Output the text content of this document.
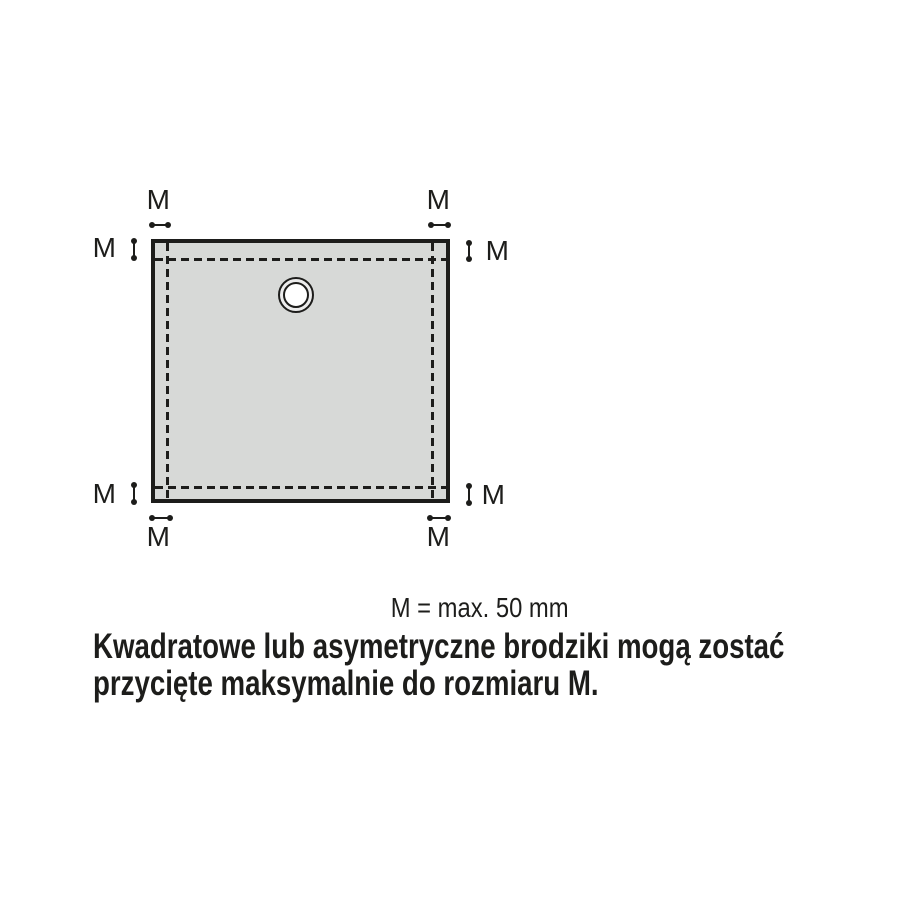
M	M
M	M
M	M
M	M
M = max. 50 mm
Kwadratowe lub asymetryczne brodziki mogą zostać
przycięte maksymalnie do rozmiaru M.
